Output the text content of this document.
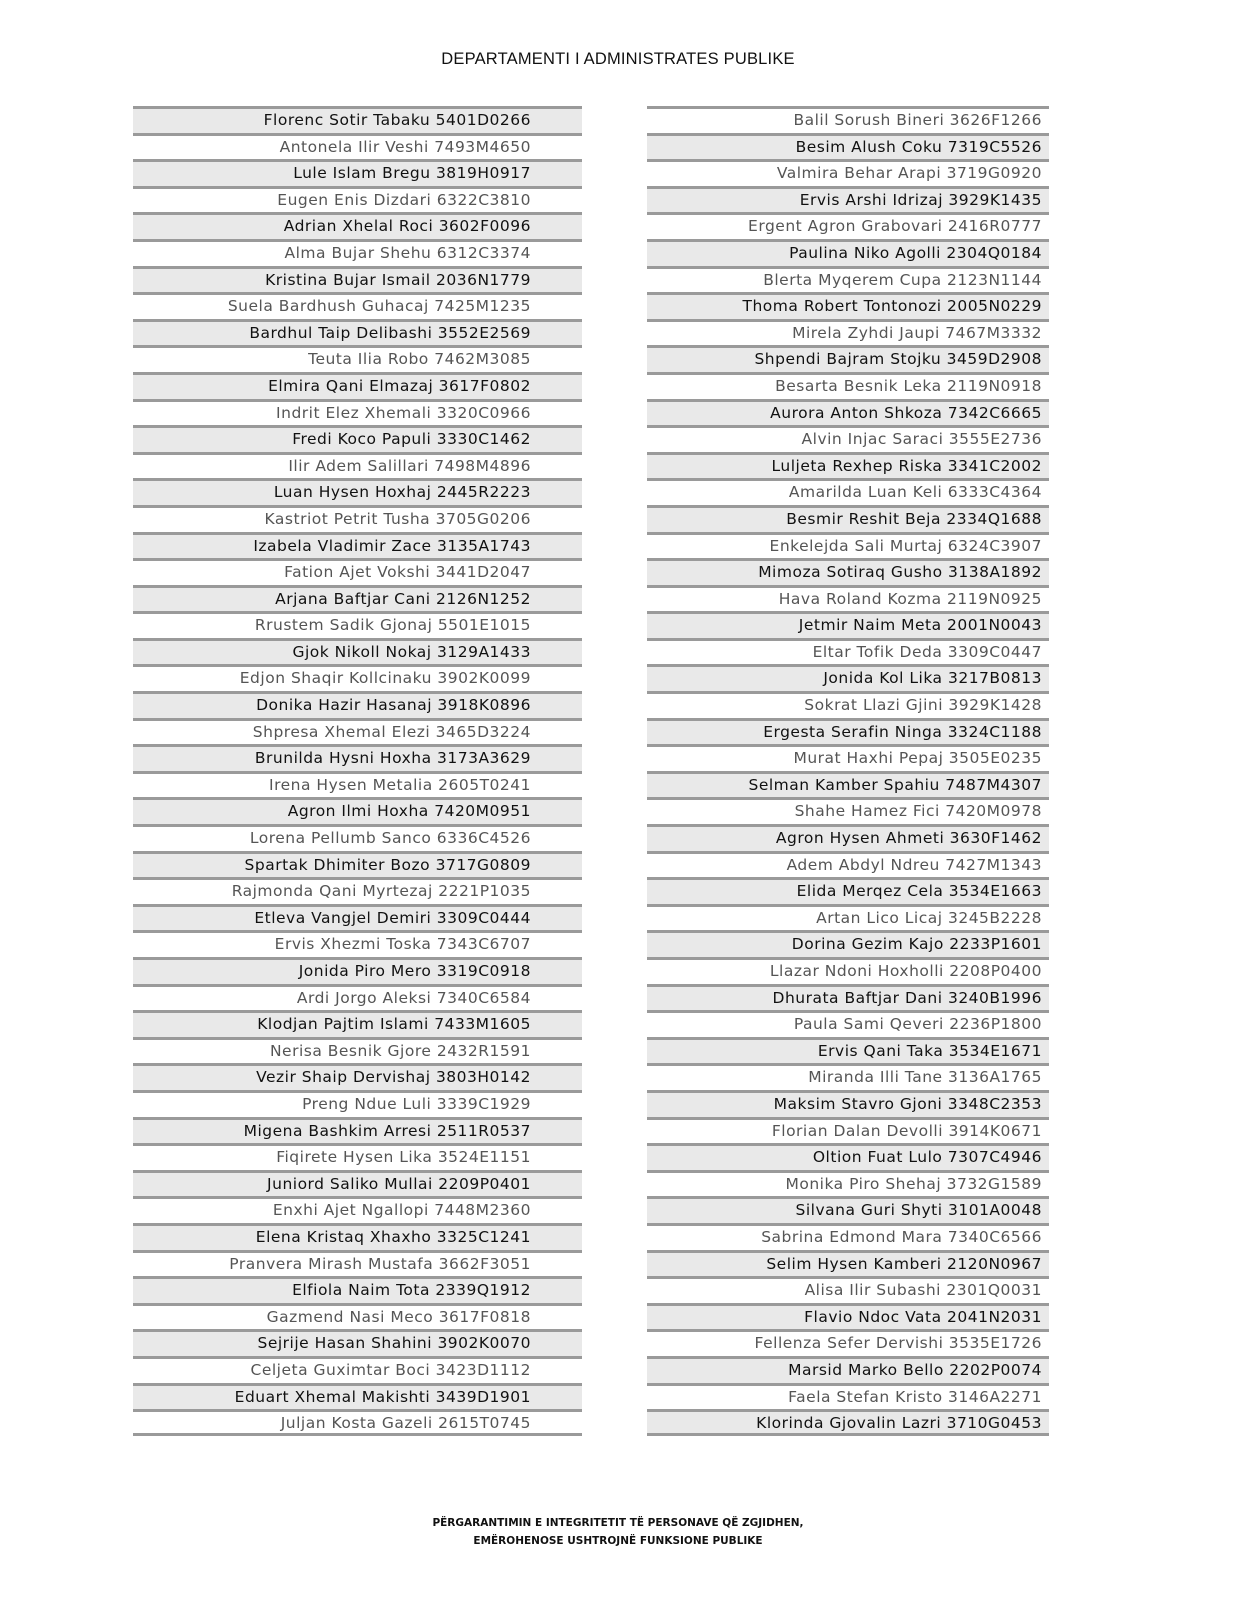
DEPARTAMENTI I ADMINISTRATES PUBLIKE
Florenc Sotir Tabaku 5401D0266
Antonela Ilir Veshi 7493M4650
Lule Islam Bregu 3819H0917
Eugen Enis Dizdari 6322C3810
Adrian Xhelal Roci 3602F0096
Alma Bujar Shehu 6312C3374
Kristina Bujar Ismail 2036N1779
Suela Bardhush Guhacaj 7425M1235
Bardhul Taip Delibashi 3552E2569
Teuta Ilia Robo 7462M3085
Elmira Qani Elmazaj 3617F0802
Indrit Elez Xhemali 3320C0966
Fredi Koco Papuli 3330C1462
Ilir Adem Salillari 7498M4896
Luan Hysen Hoxhaj 2445R2223
Kastriot Petrit Tusha 3705G0206
Izabela Vladimir Zace 3135A1743
Fation Ajet Vokshi 3441D2047
Arjana Baftjar Cani 2126N1252
Rrustem Sadik Gjonaj 5501E1015
Gjok Nikoll Nokaj 3129A1433
Edjon Shaqir Kollcinaku 3902K0099
Donika Hazir Hasanaj 3918K0896
Shpresa Xhemal Elezi 3465D3224
Brunilda Hysni Hoxha 3173A3629
Irena Hysen Metalia 2605T0241
Agron Ilmi Hoxha 7420M0951
Lorena Pellumb Sanco 6336C4526
Spartak Dhimiter Bozo 3717G0809
Rajmonda Qani Myrtezaj 2221P1035
Etleva Vangjel Demiri 3309C0444
Ervis Xhezmi Toska 7343C6707
Jonida Piro Mero 3319C0918
Ardi Jorgo Aleksi 7340C6584
Klodjan Pajtim Islami 7433M1605
Nerisa Besnik Gjore 2432R1591
Vezir Shaip Dervishaj 3803H0142
Preng Ndue Luli 3339C1929
Migena Bashkim Arresi 2511R0537
Fiqirete Hysen Lika 3524E1151
Juniord Saliko Mullai 2209P0401
Enxhi Ajet Ngallopi 7448M2360
Elena Kristaq Xhaxho 3325C1241
Pranvera Mirash Mustafa 3662F3051
Elfiola Naim Tota 2339Q1912
Gazmend Nasi Meco 3617F0818
Sejrije Hasan Shahini 3902K0070
Celjeta Guximtar Boci 3423D1112
Eduart Xhemal Makishti 3439D1901
Juljan Kosta Gazeli 2615T0745
Balil Sorush Bineri 3626F1266
Besim Alush Coku 7319C5526
Valmira Behar Arapi 3719G0920
Ervis Arshi Idrizaj 3929K1435
Ergent Agron Grabovari 2416R0777
Paulina Niko Agolli 2304Q0184
Blerta Myqerem Cupa 2123N1144
Thoma Robert Tontonozi 2005N0229
Mirela Zyhdi Jaupi 7467M3332
Shpendi Bajram Stojku 3459D2908
Besarta Besnik Leka 2119N0918
Aurora Anton Shkoza 7342C6665
Alvin Injac Saraci 3555E2736
Luljeta Rexhep Riska 3341C2002
Amarilda Luan Keli 6333C4364
Besmir Reshit Beja 2334Q1688
Enkelejda Sali Murtaj 6324C3907
Mimoza Sotiraq Gusho 3138A1892
Hava Roland Kozma 2119N0925
Jetmir Naim Meta 2001N0043
Eltar Tofik Deda 3309C0447
Jonida Kol Lika 3217B0813
Sokrat Llazi Gjini 3929K1428
Ergesta Serafin Ninga 3324C1188
Murat Haxhi Pepaj 3505E0235
Selman Kamber Spahiu 7487M4307
Shahe Hamez Fici 7420M0978
Agron Hysen Ahmeti 3630F1462
Adem Abdyl Ndreu 7427M1343
Elida Merqez Cela 3534E1663
Artan Lico Licaj 3245B2228
Dorina Gezim Kajo 2233P1601
Llazar Ndoni Hoxholli 2208P0400
Dhurata Baftjar Dani 3240B1996
Paula Sami Qeveri 2236P1800
Ervis Qani Taka 3534E1671
Miranda Illi Tane 3136A1765
Maksim Stavro Gjoni 3348C2353
Florian Dalan Devolli 3914K0671
Oltion Fuat Lulo 7307C4946
Monika Piro Shehaj 3732G1589
Silvana Guri Shyti 3101A0048
Sabrina Edmond Mara 7340C6566
Selim Hysen Kamberi 2120N0967
Alisa Ilir Subashi 2301Q0031
Flavio Ndoc Vata 2041N2031
Fellenza Sefer Dervishi 3535E1726
Marsid Marko Bello 2202P0074
Faela Stefan Kristo 3146A2271
Klorinda Gjovalin Lazri 3710G0453
PËRGARANTIMIN E INTEGRITETIT TË PERSONAVE QË ZGJIDHEN,
EMËROHENOSE USHTROJNË FUNKSIONE PUBLIKE
